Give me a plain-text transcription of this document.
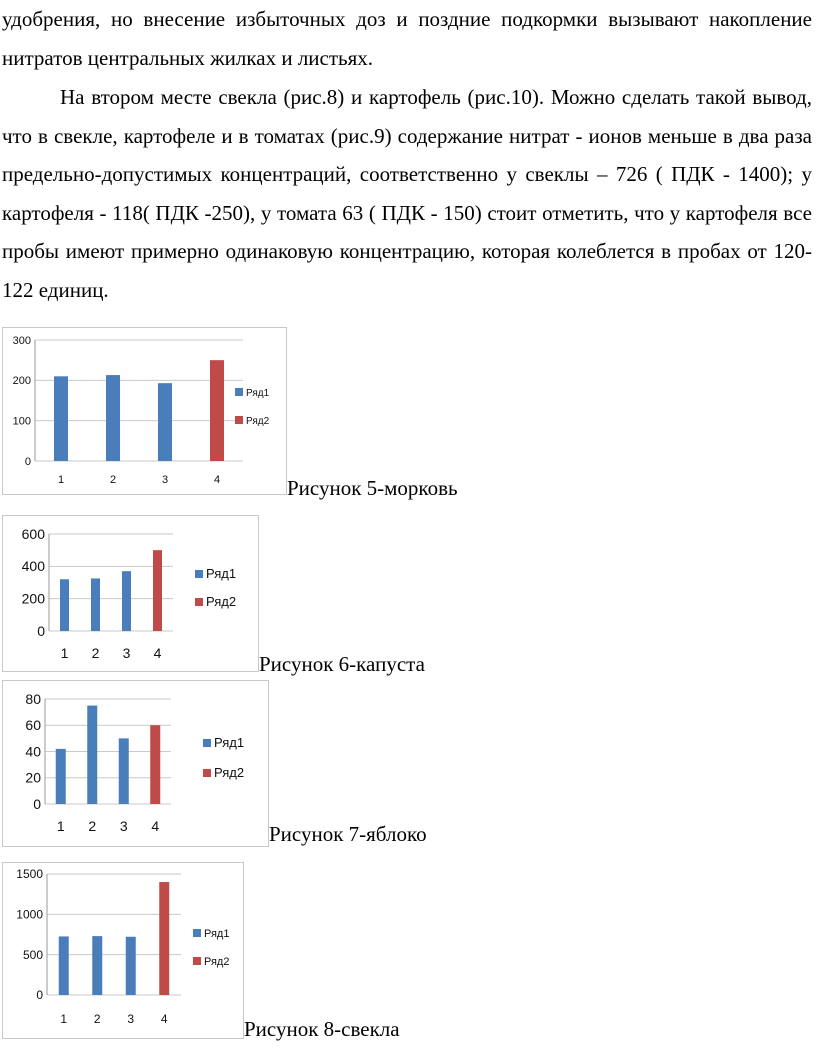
удобрения, но внесение избыточных доз и поздние подкормки вызывают накопление нитратов центральных жилках и листьях.

На втором месте свекла (рис.8) и картофель (рис.10). Можно сделать такой вывод, что в свекле, картофеле и в томатах (рис.9) содержание нитрат - ионов меньше в два раза предельно-допустимых концентраций, соответственно у свеклы – 726 ( ПДК - 1400); у картофеля - 118( ПДК -250), у томата 63 ( ПДК - 150) стоит отметить, что у картофеля все пробы имеют примерно одинаковую концентрацию, которая колеблется в пробах от 120- 122 единиц.

0
100
200
300
1	2	3	4
Ряд1
Ряд2
Рисунок 5-морковь
0
200
400
600
1 2 3 4
Ряд1
Ряд2
Рисунок 6-капуста
0
20
40
60
80
1 2 3 4
Ряд1
Ряд2
Рисунок 7-яблоко
0
500
1000
1500
1 2 3 4
Ряд1
Ряд2
Рисунок 8-свекла
